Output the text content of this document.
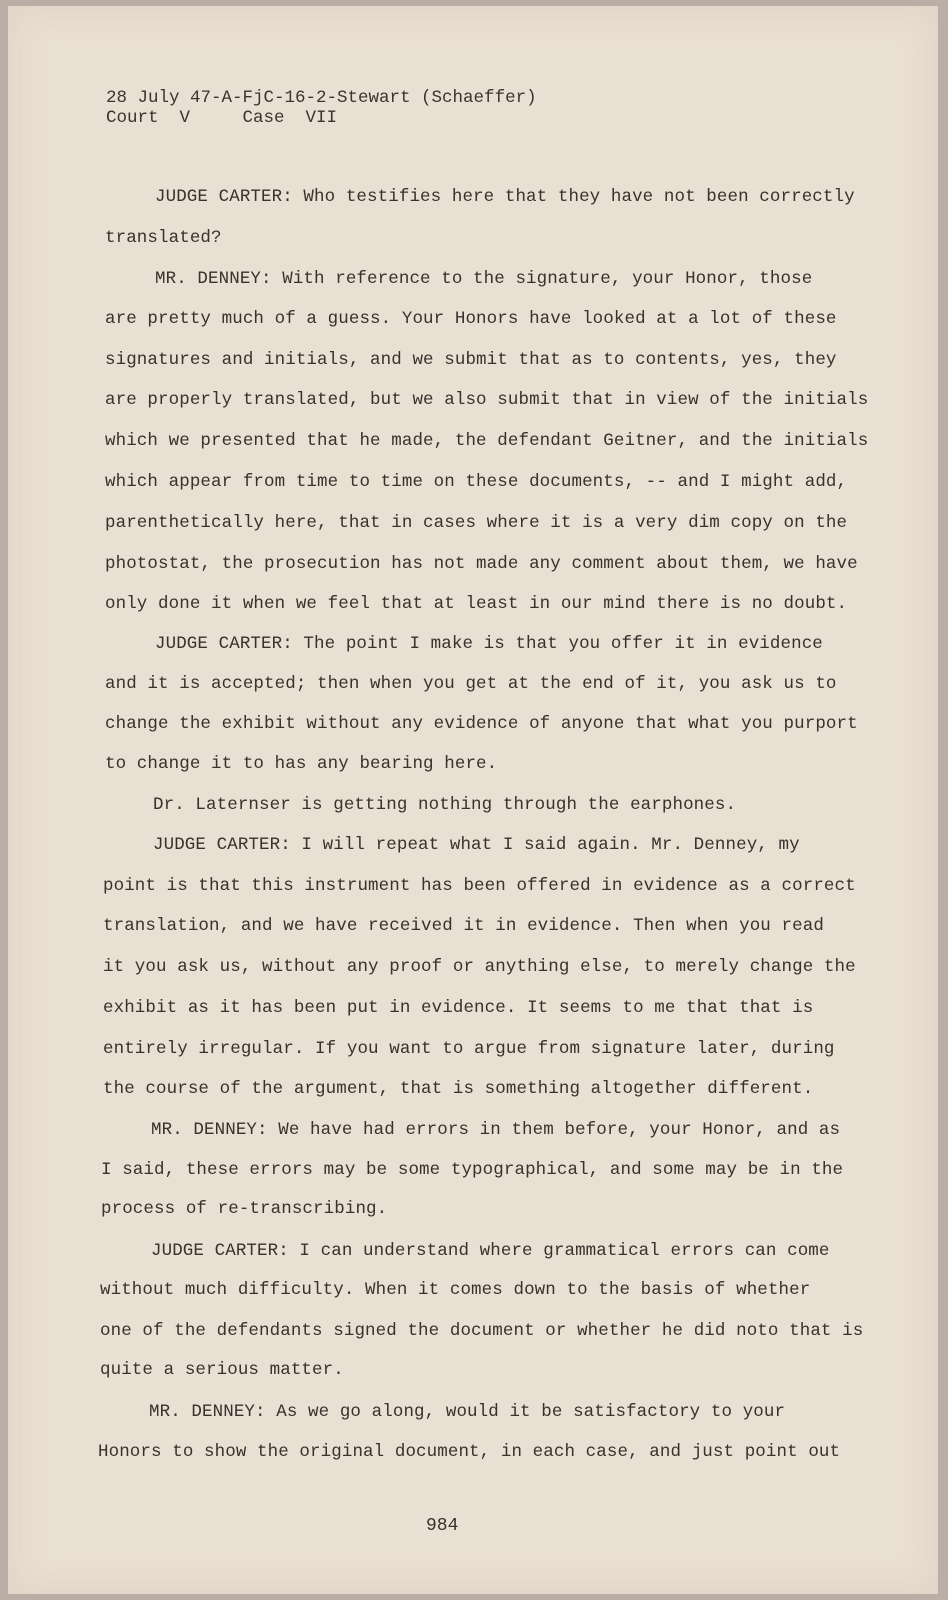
28 July 47-A-FjC-16-2-Stewart (Schaeffer)
Court  V     Case  VII
JUDGE CARTER: Who testifies here that they have not been correctly
translated?
MR. DENNEY: With reference to the signature, your Honor, those
are pretty much of a guess. Your Honors have looked at a lot of these
signatures and initials, and we submit that as to contents, yes, they
are properly translated, but we also submit that in view of the initials
which we presented that he made, the defendant Geitner, and the initials
which appear from time to time on these documents, -- and I might add,
parenthetically here, that in cases where it is a very dim copy on the
photostat, the prosecution has not made any comment about them, we have
only done it when we feel that at least in our mind there is no doubt.
JUDGE CARTER: The point I make is that you offer it in evidence
and it is accepted; then when you get at the end of it, you ask us to
change the exhibit without any evidence of anyone that what you purport
to change it to has any bearing here.
Dr. Laternser is getting nothing through the earphones.
JUDGE CARTER: I will repeat what I said again. Mr. Denney, my
point is that this instrument has been offered in evidence as a correct
translation, and we have received it in evidence. Then when you read
it you ask us, without any proof or anything else, to merely change the
exhibit as it has been put in evidence. It seems to me that that is
entirely irregular. If you want to argue from signature later, during
the course of the argument, that is something altogether different.
MR. DENNEY: We have had errors in them before, your Honor, and as
I said, these errors may be some typographical, and some may be in the
process of re-transcribing.
JUDGE CARTER: I can understand where grammatical errors can come
without much difficulty. When it comes down to the basis of whether
one of the defendants signed the document or whether he did noto that is
quite a serious matter.
MR. DENNEY: As we go along, would it be satisfactory to your
Honors to show the original document, in each case, and just point out
984
